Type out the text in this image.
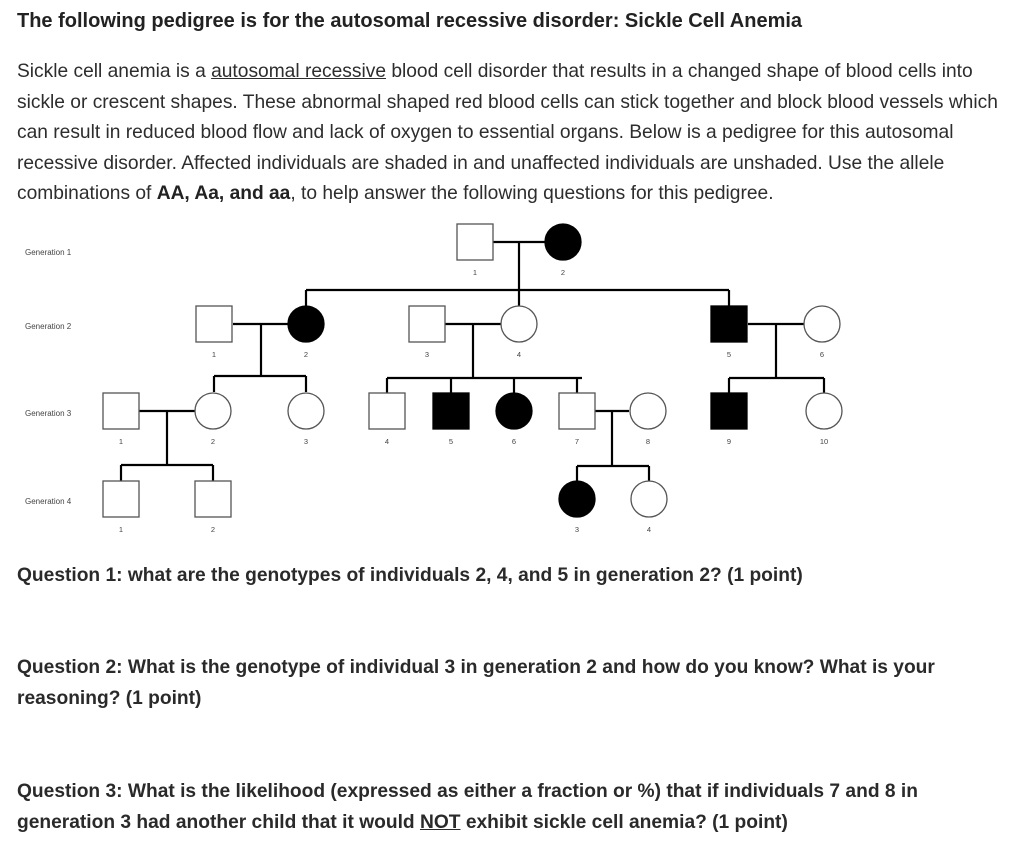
The following pedigree is for the autosomal recessive disorder: Sickle Cell Anemia

Sickle cell anemia is a autosomal recessive blood cell disorder that results in a changed shape of blood cells into sickle or crescent shapes. These abnormal shaped red blood cells can stick together and block blood vessels which can result in reduced blood flow and lack of oxygen to essential organs. Below is a pedigree for this autosomal recessive disorder. Affected individuals are shaded in and unaffected individuals are unshaded. Use the allele combinations of AA, Aa, and aa, to help answer the following questions for this pedigree.

Generation 1
Generation 2
Generation 3
Generation 4
1	2
1	2	3	4	5	6
1	2	3	4	5	6	7	8	9	10
1	2	3	4

Question 1: what are the genotypes of individuals 2, 4, and 5 in generation 2? (1 point)

Question 2: What is the genotype of individual 3 in generation 2 and how do you know? What is your reasoning? (1 point)

Question 3: What is the likelihood (expressed as either a fraction or %) that if individuals 7 and 8 in generation 3 had another child that it would NOT exhibit sickle cell anemia? (1 point)
